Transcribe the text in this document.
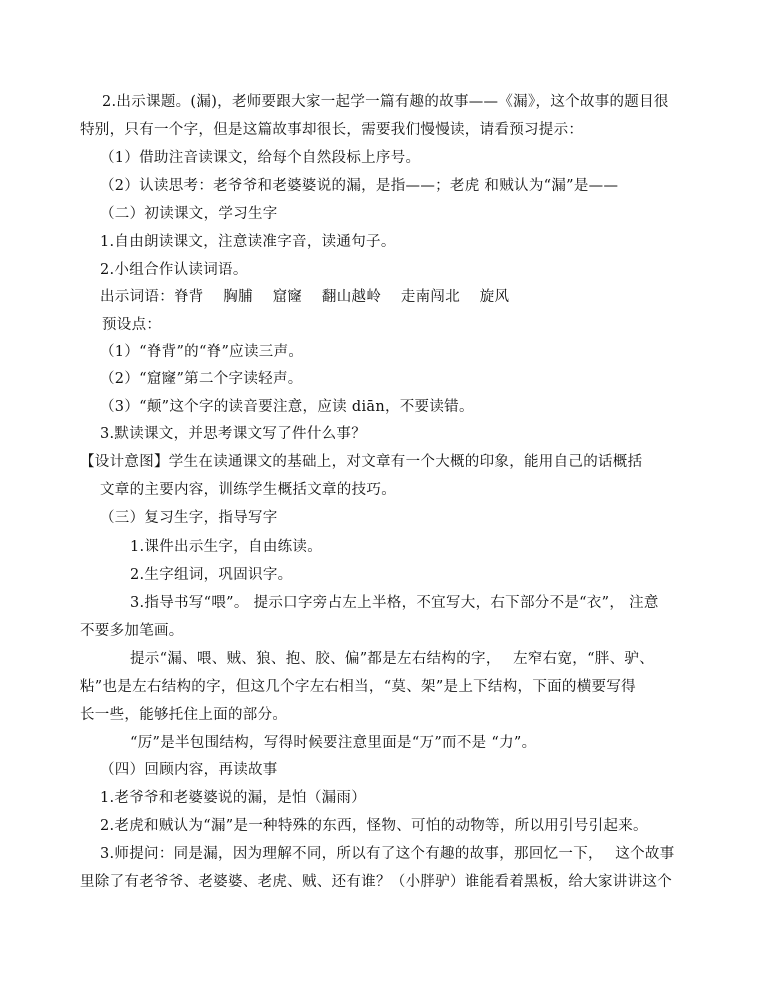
2.出示课题。(漏)，老师要跟大家一起学一篇有趣的故事——《漏》，这个故事的题目很
特别，只有一个字，但是这篇故事却很长，需要我们慢慢读，请看预习提示：
（1）借助注音读课文，给每个自然段标上序号。
（2）认读思考：老爷爷和老婆婆说的漏，是指——；老虎 和贼认为“漏”是——
（二）初读课文，学习生字
1.自由朗读课文，注意读准字音，读通句子。
2.小组合作认读词语。
出示词语：脊背　 胸脯　 窟窿　 翻山越岭　 走南闯北　 旋风
预设点：
（1）“脊背”的“脊”应读三声。
（2）“窟窿”第二个字读轻声。
（3）“颠”这个字的读音要注意，应读 diān，不要读错。
3.默读课文，并思考课文写了件什么事？
【设计意图】学生在读通课文的基础上，对文章有一个大概的印象，能用自己的话概括
文章的主要内容，训练学生概括文章的技巧。
（三）复习生字，指导写字
1.课件出示生字，自由练读。
2.生字组词，巩固识字。
3.指导书写“喂”。 提示口字旁占左上半格，不宜写大，右下部分不是“衣”， 注意
不要多加笔画。
提示“漏、喂、贼、狼、抱、胶、偏”都是左右结构的字，　 左窄右宽，“胖、驴、
粘”也是左右结构的字，但这几个字左右相当，“莫、架”是上下结构，下面的横要写得
长一些，能够托住上面的部分。
“厉”是半包围结构，写得时候要注意里面是“万”而不是 “力”。
（四）回顾内容，再读故事
1.老爷爷和老婆婆说的漏，是怕（漏雨）
2.老虎和贼认为“漏”是一种特殊的东西，怪物、可怕的动物等，所以用引号引起来。
3.师提问：同是漏，因为理解不同，所以有了这个有趣的故事，那回忆一下，　 这个故事
里除了有老爷爷、老婆婆、老虎、贼、还有谁？（小胖驴）谁能看着黑板，给大家讲讲这个
